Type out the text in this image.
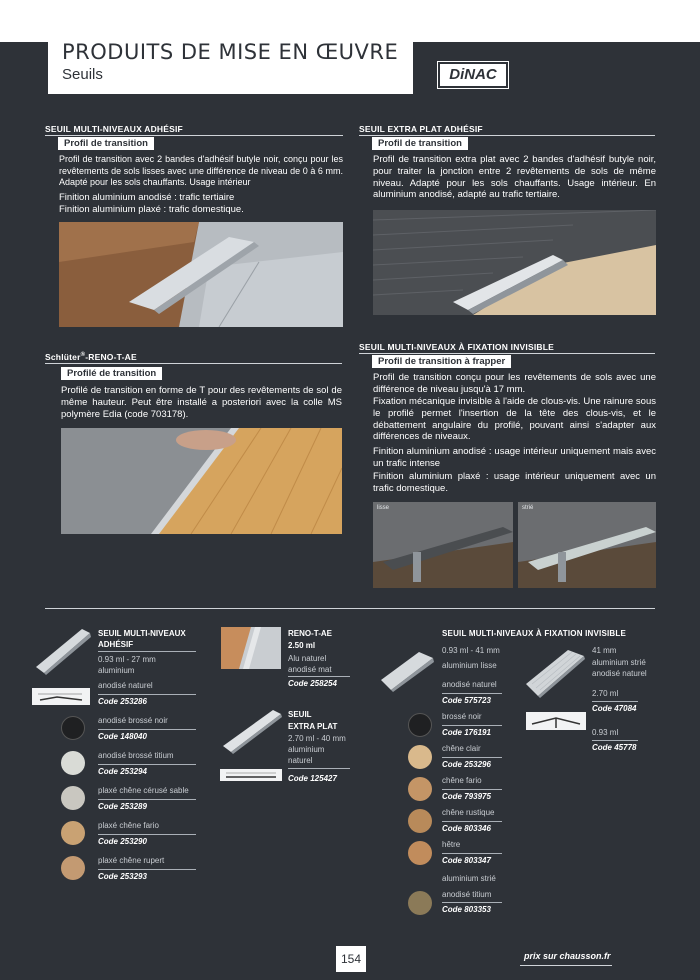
PRODUITS DE MISE EN ŒUVRE
Seuils	DiNAC
SEUIL MULTI-NIVEAUX ADHÉSIF
Profil de transition
Profil de transition avec 2 bandes d'adhésif butyle noir, conçu pour les revêtements de sols lisses avec une différence de niveau de 0 à 6 mm. Adapté pour les sols chauffants. Usage intérieur
Finition aluminium anodisé : trafic tertiaire
Finition aluminium plaxé : trafic domestique.
SEUIL EXTRA PLAT ADHÉSIF
Profil de transition
Profil de transition extra plat avec 2 bandes d'adhésif butyle noir, pour traiter la jonction entre 2 revêtements de sols de même niveau. Adapté pour les sols chauffants. Usage intérieur. En aluminium anodisé, adapté au trafic tertiaire.
Schlüter®-RENO-T-AE
Profilé de transition
Profilé de transition en forme de T pour des revêtements de sol de même hauteur. Peut être installé a posteriori avec la colle MS polymère Edia (code 703178).
SEUIL MULTI-NIVEAUX À FIXATION INVISIBLE
Profil de transition à frapper
Profil de transition conçu pour les revêtements de sols avec une différence de niveau jusqu'à 17 mm.
Fixation mécanique invisible à l'aide de clous-vis. Une rainure sous le profilé permet l'insertion de la tête des clous-vis, et le débattement angulaire du profilé, pouvant ainsi s'adapter aux différences de niveaux.
Finition aluminium anodisé : usage intérieur uniquement mais avec un trafic intense
Finition aluminium plaxé : usage intérieur uniquement avec un trafic domestique.
lisse	strié
SEUIL MULTI-NIVEAUX
ADHÉSIF
0.93 ml - 27 mm
aluminium
anodisé naturel
Code 253286
anodisé brossé noir
Code 148040
anodisé brossé titium
Code 253294
plaxé chêne cérusé sable
Code 253289
plaxé chêne fario
Code 253290
plaxé chêne rupert
Code 253293
RENO-T-AE
2.50 ml
Alu naturel
anodisé mat
Code 258254
SEUIL
EXTRA PLAT
2.70 ml - 40 mm
aluminium
naturel
Code 125427
SEUIL MULTI-NIVEAUX À FIXATION INVISIBLE
0.93 ml - 41 mm
aluminium lisse
anodisé naturel
Code 575723
brossé noir
Code 176191
chêne clair
Code 253296
chêne fario
Code 793975
chêne rustique
Code 803346
hêtre
Code 803347
aluminium strié
anodisé titium
Code 803353
41 mm
aluminium strié
anodisé naturel
2.70 ml
Code 47084
0.93 ml
Code 45778
154	prix sur chausson.fr
